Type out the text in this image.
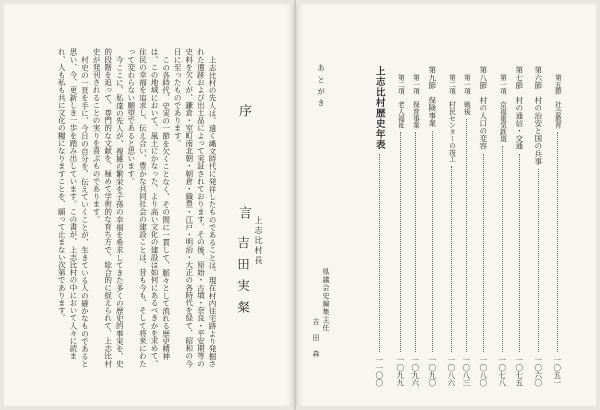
上志比村の先人は、遠く縄文時代に発祥したものであることは、現在村内住宅跡より発掘された遺跡および出土品によって実証されております。その後、原始・古墳・奈良・平安期等の史料を欠くが、鎌倉・室町南北朝・朝倉・織豊・江戸・明治・大正の各時代を経て、昭和の今日に至ったものであります。

この各時代、史実の一節を欠くことなく、その間に一貫して、脈々として流れる歴史精神は、この地域において、風土にかなった、より高い文化の建設は如何にあるべきかを求めて、住民の幸福を追求し、伝え合い、豊かな共同社会の建設ことは、昔も今も、そして将来にわたって変わらない願望であると思います。

今ここに、私達の先人が、複雑の繁栄を子孫の幸福を希求してきた多くの歴史的事実を、史的段階を追って、専門的な文献を、極めて学術的な育ち方で、総合的に捉えられて、上志比村史が発刊されることの実りを喜ぶものであります。

村史の一頁を手に、今日の自分を、伝えていくことが、生きている人の確かなものであると思い、今、更新しき一歩を踏み出しています。この書が、上志比村の中において人々に読まれ、人も私も共に文化の糧になりますことを、願って止まない次第であります。	序　言 上志比村長
吉田実粲
第五節　社会教育
一〇五一
第六節　村の治安と国の兵事
一〇六〇
第七節　村の通信・交通
一〇七五
第一項　京福電気鉄道
一〇七八
第八節　村の人口の変容
一〇八〇
第一項　戦後
一〇八三
第二項　村民センターの竣工
一〇八六
第九節　保険事業
一〇九〇
第一項　保育事業
一〇九六
第二項　老人福祉
一〇九九
上志比村歴史年表
一一〇〇
あとがき
県議会史編集主任
吉田森
